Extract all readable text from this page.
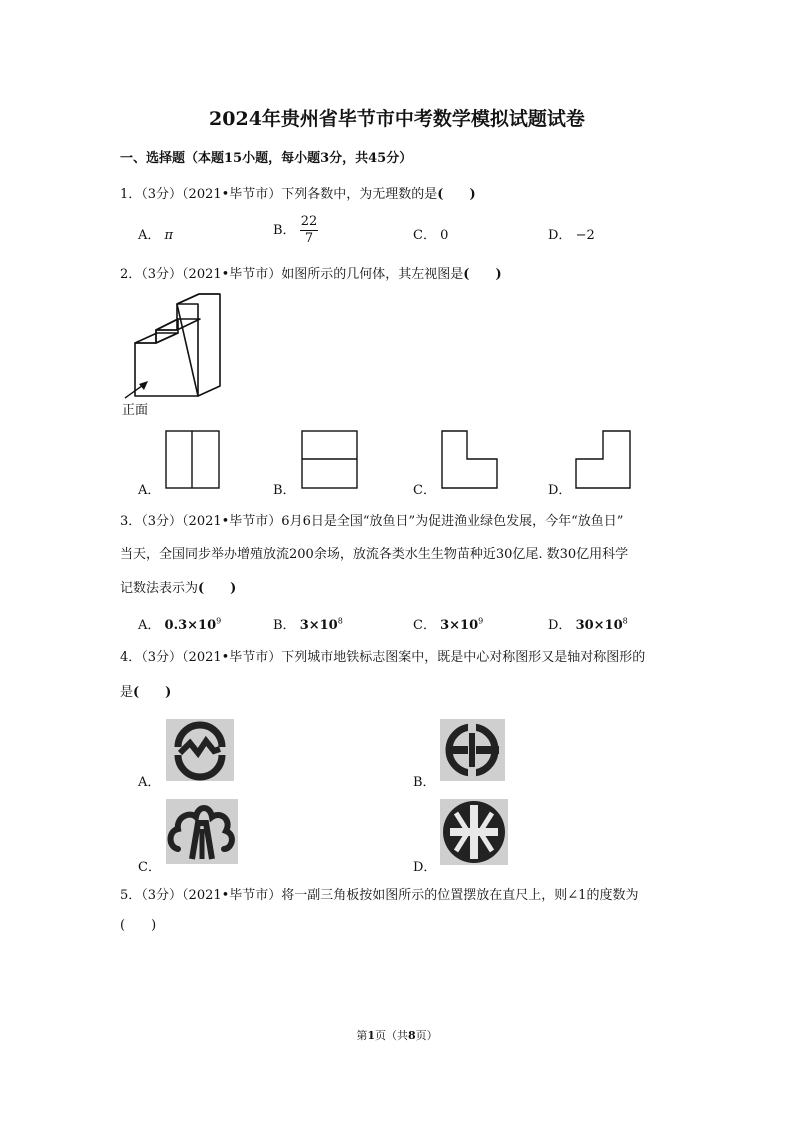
2024年贵州省毕节市中考数学模拟试题试卷
一、选择题（本题15小题，每小题3分，共45分）
1．（3分）（2021•毕节市）下列各数中，为无理数的是(　　)
A． π	B． $\frac{22}{7}$	C． 0	D． −2
2．（3分）（2021•毕节市）如图所示的几何体，其左视图是(　　)
正面
A．	B．	C．	D．
3．（3分）（2021•毕节市）6月6日是全国“放鱼日”为促进渔业绿色发展，今年“放鱼日”
当天，全国同步举办增殖放流200余场，放流各类水生生物苗种近30亿尾. 数30亿用科学
记数法表示为(　　)
A． $0.3\times 10^9$	B． $3\times 10^8$	C． $3\times 10^9$	D． $30\times 10^8$
4．（3分）（2021•毕节市）下列城市地铁标志图案中，既是中心对称图形又是轴对称图形的
是(　　)
A．	B．
C．	D．
5．（3分）（2021•毕节市）将一副三角板按如图所示的位置摆放在直尺上，则∠1的度数为
(　　)
第1页（共8页）
